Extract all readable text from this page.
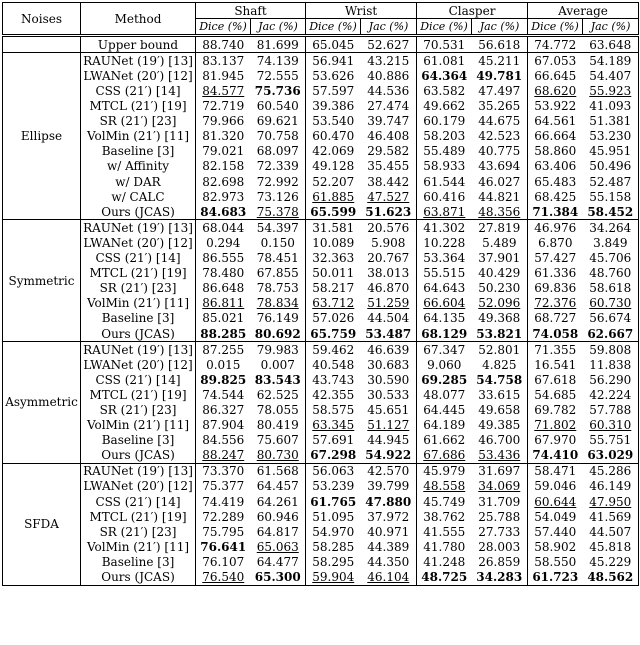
Noises	Method	Shaft		Wrist		Clasper		Average	
		Dice (%)	Jac (%)	Dice (%)	Jac (%)	Dice (%)	Jac (%)	Dice (%)	Jac (%)
	Upper bound	88.740	81.699	65.045	52.627	70.531	56.618	74.772	63.648
Ellipse	RAUNet (19′) [13]	83.137	74.139	56.941	43.215	61.081	45.211	67.053	54.189
	LWANet (20′) [12]	81.945	72.555	53.626	40.886	64.364	49.781	66.645	54.407
	CSS (21′) [14]	84.577	75.736	57.597	44.536	63.582	47.497	68.620	55.923
	MTCL (21′) [19]	72.719	60.540	39.386	27.474	49.662	35.265	53.922	41.093
	SR (21′) [23]	79.966	69.621	53.540	39.747	60.179	44.675	64.561	51.381
	VolMin (21′) [11]	81.320	70.758	60.470	46.408	58.203	42.523	66.664	53.230
	Baseline [3]	79.021	68.097	42.069	29.582	55.489	40.775	58.860	45.951
	w/ Affinity	82.158	72.339	49.128	35.455	58.933	43.694	63.406	50.496
	w/ DAR	82.698	72.992	52.207	38.442	61.544	46.027	65.483	52.487
	w/ CALC	82.973	73.126	61.885	47.527	60.416	44.821	68.425	55.158
	Ours (JCAS)	84.683	75.378	65.599	51.623	63.871	48.356	71.384	58.452
Symmetric	RAUNet (19′) [13]	68.044	54.397	31.581	20.576	41.302	27.819	46.976	34.264
	LWANet (20′) [12]	0.294	0.150	10.089	5.908	10.228	5.489	6.870	3.849
	CSS (21′) [14]	86.555	78.451	32.363	20.767	53.364	37.901	57.427	45.706
	MTCL (21′) [19]	78.480	67.855	50.011	38.013	55.515	40.429	61.336	48.760
	SR (21′) [23]	86.648	78.753	58.217	46.870	64.643	50.230	69.836	58.618
	VolMin (21′) [11]	86.811	78.834	63.712	51.259	66.604	52.096	72.376	60.730
	Baseline [3]	85.021	76.149	57.026	44.504	64.135	49.368	68.727	56.674
	Ours (JCAS)	88.285	80.692	65.759	53.487	68.129	53.821	74.058	62.667
Asymmetric	RAUNet (19′) [13]	87.255	79.983	59.462	46.639	67.347	52.801	71.355	59.808
	LWANet (20′) [12]	0.015	0.007	40.548	30.683	9.060	4.825	16.541	11.838
	CSS (21′) [14]	89.825	83.543	43.743	30.590	69.285	54.758	67.618	56.290
	MTCL (21′) [19]	74.544	62.525	42.355	30.533	48.077	33.615	54.685	42.224
	SR (21′) [23]	86.327	78.055	58.575	45.651	64.445	49.658	69.782	57.788
	VolMin (21′) [11]	87.904	80.419	63.345	51.127	64.189	49.385	71.802	60.310
	Baseline [3]	84.556	75.607	57.691	44.945	61.662	46.700	67.970	55.751
	Ours (JCAS)	88.247	80.730	67.298	54.922	67.686	53.436	74.410	63.029
SFDA	RAUNet (19′) [13]	73.370	61.568	56.063	42.570	45.979	31.697	58.471	45.286
	LWANet (20′) [12]	75.377	64.457	53.239	39.799	48.558	34.069	59.046	46.149
	CSS (21′) [14]	74.419	64.261	61.765	47.880	45.749	31.709	60.644	47.950
	MTCL (21′) [19]	72.289	60.946	51.095	37.972	38.762	25.788	54.049	41.569
	SR (21′) [23]	75.795	64.817	54.970	40.971	41.555	27.733	57.440	44.507
	VolMin (21′) [11]	76.641	65.063	58.285	44.389	41.780	28.003	58.902	45.818
	Baseline [3]	76.107	64.477	58.295	44.350	41.248	26.859	58.550	45.229
	Ours (JCAS)	76.540	65.300	59.904	46.104	48.725	34.283	61.723	48.562
